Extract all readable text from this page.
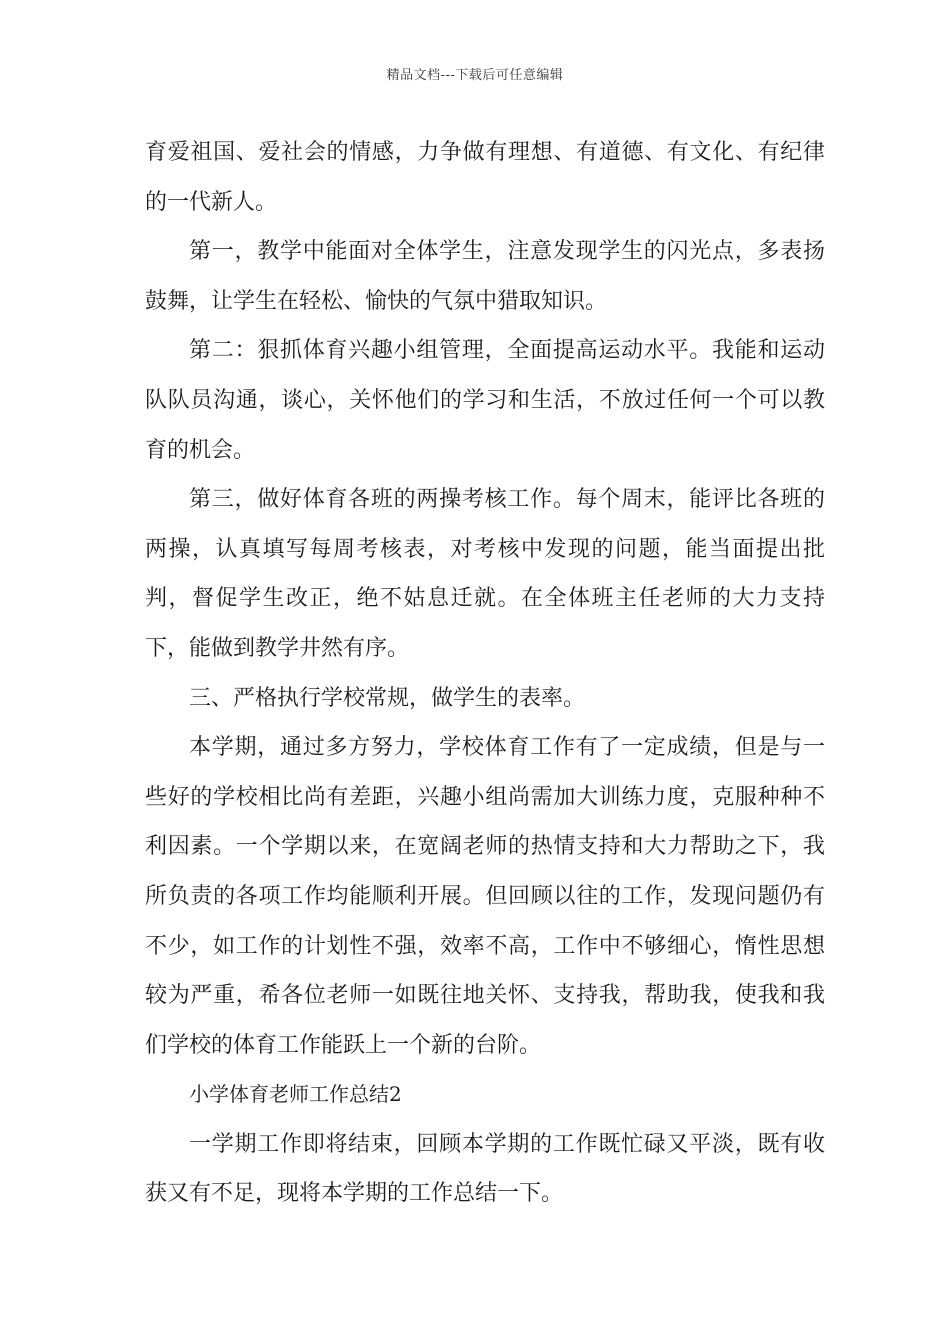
精品文档---下载后可任意编辑

育爱祖国、爱社会的情感，力争做有理想、有道德、有文化、有纪律的一代新人。

第一，教学中能面对全体学生，注意发现学生的闪光点，多表扬鼓舞，让学生在轻松、愉快的气氛中猎取知识。

第二：狠抓体育兴趣小组管理，全面提高运动水平。我能和运动队队员沟通，谈心，关怀他们的学习和生活，不放过任何一个可以教育的机会。

第三，做好体育各班的两操考核工作。每个周末，能评比各班的两操，认真填写每周考核表，对考核中发现的问题，能当面提出批判，督促学生改正，绝不姑息迁就。在全体班主任老师的大力支持下，能做到教学井然有序。

三、严格执行学校常规，做学生的表率。

本学期，通过多方努力，学校体育工作有了一定成绩，但是与一些好的学校相比尚有差距，兴趣小组尚需加大训练力度，克服种种不利因素。一个学期以来，在宽阔老师的热情支持和大力帮助之下，我所负责的各项工作均能顺利开展。但回顾以往的工作，发现问题仍有不少，如工作的计划性不强，效率不高，工作中不够细心，惰性思想较为严重，希各位老师一如既往地关怀、支持我，帮助我，使我和我们学校的体育工作能跃上一个新的台阶。

小学体育老师工作总结2

一学期工作即将结束，回顾本学期的工作既忙碌又平淡，既有收获又有不足，现将本学期的工作总结一下。
